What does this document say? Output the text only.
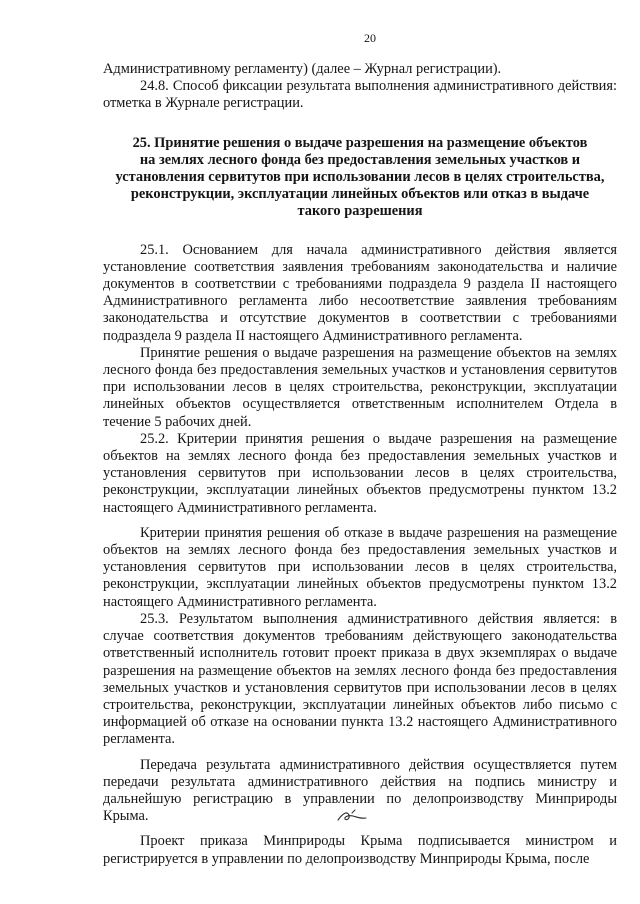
20

Административному регламенту) (далее – Журнал регистрации).

24.8. Способ фиксации результата выполнения административного действия: отметка в Журнале регистрации.

25. Принятие решения о выдаче разрешения на размещение объектов
на землях лесного фонда без предоставления земельных участков и
установления сервитутов при использовании лесов в целях строительства,
реконструкции, эксплуатации линейных объектов или отказ в выдаче
такого разрешения

25.1. Основанием для начала административного действия является установление соответствия заявления требованиям законодательства и наличие документов в соответствии с требованиями подраздела 9 раздела II настоящего Административного регламента либо несоответствие заявления требованиям законодательства и отсутствие документов в соответствии с требованиями подраздела 9 раздела II настоящего Административного регламента.

Принятие решения о выдаче разрешения на размещение объектов на землях лесного фонда без предоставления земельных участков и установления сервитутов при использовании лесов в целях строительства, реконструкции, эксплуатации линейных объектов осуществляется ответственным исполнителем Отдела в течение 5 рабочих дней.

25.2. Критерии принятия решения о выдаче разрешения на размещение объектов на землях лесного фонда без предоставления земельных участков и установления сервитутов при использовании лесов в целях строительства, реконструкции, эксплуатации линейных объектов предусмотрены пунктом 13.2 настоящего Административного регламента.

Критерии принятия решения об отказе в выдаче разрешения на размещение объектов на землях лесного фонда без предоставления земельных участков и установления сервитутов при использовании лесов в целях строительства, реконструкции, эксплуатации линейных объектов предусмотрены пунктом 13.2 настоящего Административного регламента.

25.3. Результатом выполнения административного действия является: в случае соответствия документов требованиям действующего законодательства ответственный исполнитель готовит проект приказа в двух экземплярах о выдаче разрешения на размещение объектов на землях лесного фонда без предоставления земельных участков и установления сервитутов при использовании лесов в целях строительства, реконструкции, эксплуатации линейных объектов либо письмо с информацией об отказе на основании пункта 13.2 настоящего Административного регламента.

Передача результата административного действия осуществляется путем передачи результата административного действия на подпись министру и дальнейшую регистрацию в управлении по делопроизводству Минприроды Крыма.

Проект приказа Минприроды Крыма подписывается министром и регистрируется в управлении по делопроизводству Минприроды Крыма, после
